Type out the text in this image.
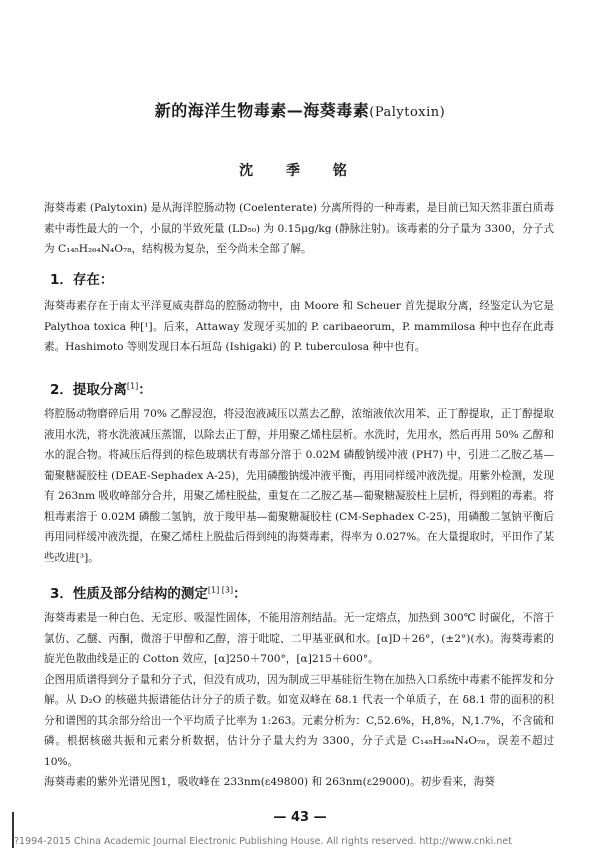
新的海洋生物毒素—海葵毒素(Palytoxin)
沈 季 铭
海葵毒素 (Palytoxin) 是从海洋腔肠动物 (Coelenterate) 分离所得的一种毒素，是目前已知天然非蛋白质毒素中毒性最大的一个，小鼠的半致死量 (LD₅₀) 为 0.15μg/kg (静脉注射)。该毒素的分子量为 3300，分子式为 C₁₄₅H₂₆₄N₄O₇₈，结构极为复杂，至今尚未全部了解。
1．存在：
海葵毒素存在于南太平洋夏威夷群岛的腔肠动物中，由 Moore 和 Scheuer 首先提取分离，经鉴定认为它是 Palythoa toxica 种[¹]。后来，Attaway 发现牙买加的 P. caribaeorum，P. mammilosa 种中也存在此毒素。Hashimoto 等则发现日本石垣岛 (Ishigaki) 的 P. tuberculosa 种中也有。
2．提取分离[1]：
将腔肠动物磨碎后用 70% 乙醇浸泡，将浸泡液减压以蒸去乙醇，浓缩液依次用苯、正丁醇提取，正丁醇提取液用水洗，将水洗液减压蒸馏，以除去正丁醇，并用聚乙烯柱层析。水洗时，先用水，然后再用 50% 乙醇和水的混合物。将减压后得到的棕色玻璃状有毒部分溶于 0.02M 磷酸钠缓冲液 (PH7) 中，引进二乙胺乙基—葡聚糖凝胶柱 (DEAE-Sephadex A-25)，先用磷酸钠缓冲液平衡，再用同样缓冲液洗提。用紫外检测，发现有 263nm 吸收峰部分合并，用聚乙烯柱脱盐，重复在二乙胺乙基—葡聚糖凝胶柱上层析，得到粗的毒素。将粗毒素溶于 0.02M 磷酸二氢钠，放于羧甲基—葡聚糖凝胶柱 (CM-Sephadex C-25)，用磷酸二氢钠平衡后再用同样缓冲液洗提，在聚乙烯柱上脱盐后得到纯的海葵毒素，得率为 0.027%。在大量提取时，平田作了某些改进[³]。
3．性质及部分结构的测定[1] [3]：
海葵毒素是一种白色、无定形、吸湿性固体，不能用溶剂结晶。无一定熔点，加热到 300℃ 时碳化，不溶于氯仿、乙醚、丙酮，微溶于甲醇和乙醇，溶于吡啶、二甲基亚砜和水。[α]D＋26°，(±2°)(水)。海葵毒素的旋光色散曲线是正的 Cotton 效应，[α]250＋700°，[α]215＋600°。
企图用质谱得到分子量和分子式，但没有成功，因为制成三甲基硅衍生物在加热入口系统中毒素不能挥发和分解。从 D₂O 的核磁共振谱能估计分子的质子数。如宽双峰在 δ8.1 代表一个单质子，在 δ8.1 带的面积的积分和谱图的其余部分给出一个平均质子比率为 1:263。元素分析为：C,52.6%，H,8%，N,1.7%，不含硫和磷。根据核磁共振和元素分析数据，估计分子量大约为 3300，分子式是 C₁₄₅H₂₆₄N₄O₇₈，误差不超过 10%。
海葵毒素的紫外光谱见图1，吸收峰在 233nm(ε49800) 和 263nm(ε29000)。初步看来，海葵
— 43 —
?1994-2015 China Academic Journal Electronic Publishing House. All rights reserved. http://www.cnki.net
